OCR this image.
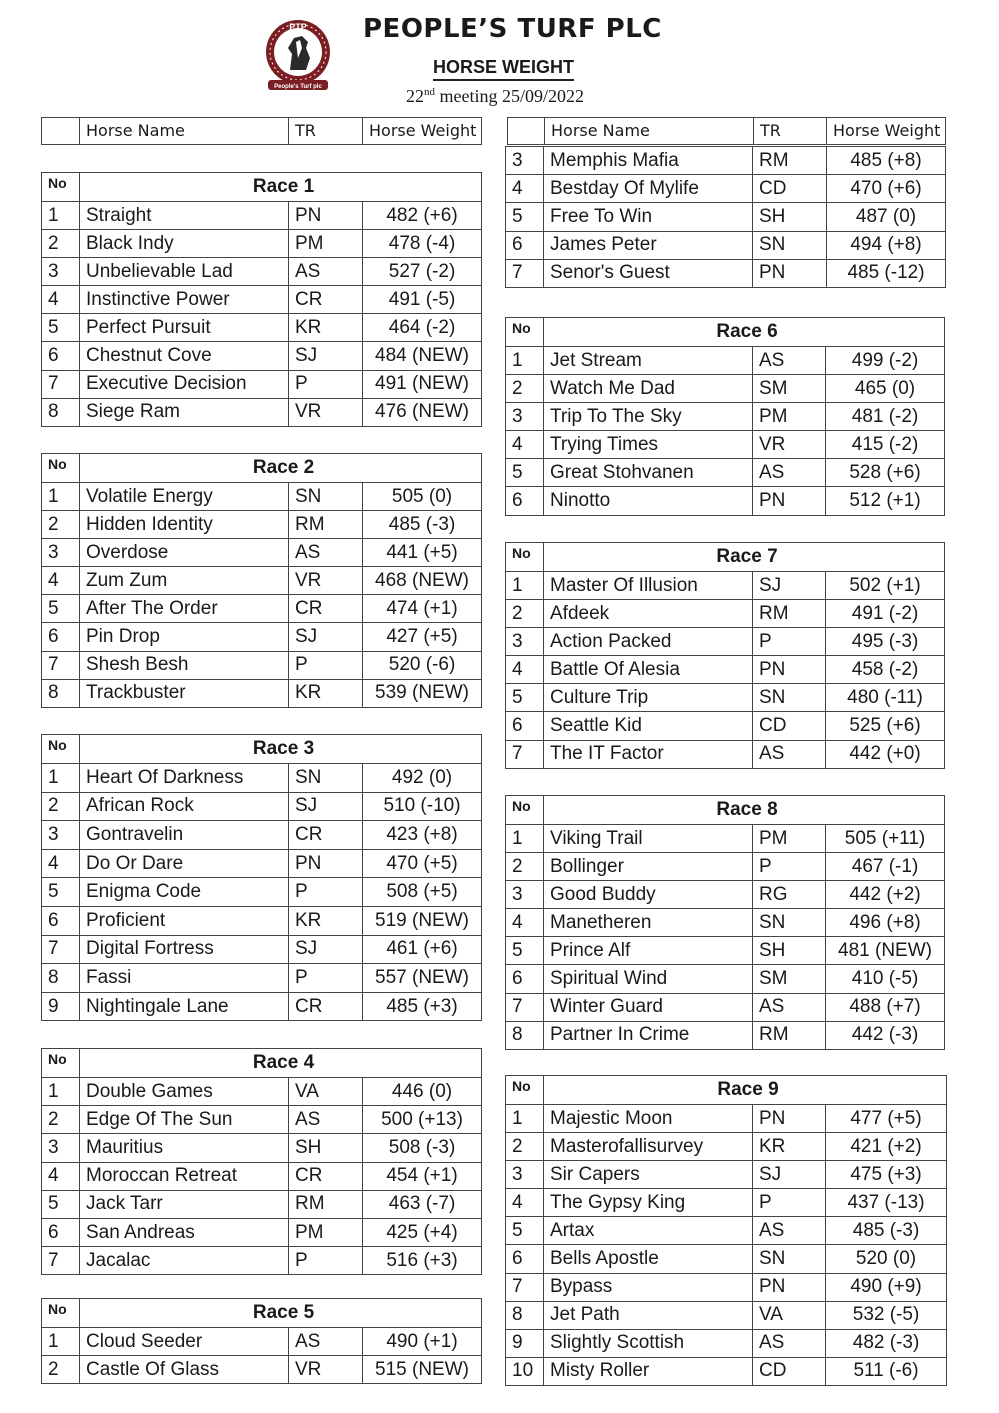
PTP
People's Turf plc
PEOPLE’S TURF PLC
HORSE WEIGHT
22nd meeting 25/09/2022
	Horse Name	TR	Horse Weight
		Horse Name	TR	Horse Weight
No	Race 1		
1	Straight	PN	482 (+6)
2	Black Indy	PM	478 (-4)
3	Unbelievable Lad	AS	527 (-2)
4	Instinctive Power	CR	491 (-5)
5	Perfect Pursuit	KR	464 (-2)
6	Chestnut Cove	SJ	484 (NEW)
7	Executive Decision	P	491 (NEW)
8	Siege Ram	VR	476 (NEW)
No	Race 2		
1	Volatile Energy	SN	505 (0)
2	Hidden Identity	RM	485 (-3)
3	Overdose	AS	441 (+5)
4	Zum Zum	VR	468 (NEW)
5	After The Order	CR	474 (+1)
6	Pin Drop	SJ	427 (+5)
7	Shesh Besh	P	520 (-6)
8	Trackbuster	KR	539 (NEW)
No	Race 3		
1	Heart Of Darkness	SN	492 (0)
2	African Rock	SJ	510 (-10)
3	Gontravelin	CR	423 (+8)
4	Do Or Dare	PN	470 (+5)
5	Enigma Code	P	508 (+5)
6	Proficient	KR	519 (NEW)
7	Digital Fortress	SJ	461 (+6)
8	Fassi	P	557 (NEW)
9	Nightingale Lane	CR	485 (+3)
No	Race 4		
1	Double Games	VA	446 (0)
2	Edge Of The Sun	AS	500 (+13)
3	Mauritius	SH	508 (-3)
4	Moroccan Retreat	CR	454 (+1)
5	Jack Tarr	RM	463 (-7)
6	San Andreas	PM	425 (+4)
7	Jacalac	P	516 (+3)
No	Race 5		
1	Cloud Seeder	AS	490 (+1)
2	Castle Of Glass	VR	515 (NEW)
3	Memphis Mafia	RM	485 (+8)
4	Bestday Of Mylife	CD	470 (+6)
5	Free To Win	SH	487 (0)
6	James Peter	SN	494 (+8)
7	Senor's Guest	PN	485 (-12)
No	Race 6		
1	Jet Stream	AS	499 (-2)
2	Watch Me Dad	SM	465 (0)
3	Trip To The Sky	PM	481 (-2)
4	Trying Times	VR	415 (-2)
5	Great Stohvanen	AS	528 (+6)
6	Ninotto	PN	512 (+1)
No	Race 7		
1	Master Of Illusion	SJ	502 (+1)
2	Afdeek	RM	491 (-2)
3	Action Packed	P	495 (-3)
4	Battle Of Alesia	PN	458 (-2)
5	Culture Trip	SN	480 (-11)
6	Seattle Kid	CD	525 (+6)
7	The IT Factor	AS	442 (+0)
No	Race 8		
1	Viking Trail	PM	505 (+11)
2	Bollinger	P	467 (-1)
3	Good Buddy	RG	442 (+2)
4	Manetheren	SN	496 (+8)
5	Prince Alf	SH	481 (NEW)
6	Spiritual Wind	SM	410 (-5)
7	Winter Guard	AS	488 (+7)
8	Partner In Crime	RM	442 (-3)
No	Race 9		
1	Majestic Moon	PN	477 (+5)
2	Masterofallisurvey	KR	421 (+2)
3	Sir Capers	SJ	475 (+3)
4	The Gypsy King	P	437 (-13)
5	Artax	AS	485 (-3)
6	Bells Apostle	SN	520 (0)
7	Bypass	PN	490 (+9)
8	Jet Path	VA	532 (-5)
9	Slightly Scottish	AS	482 (-3)
10	Misty Roller	CD	511 (-6)
